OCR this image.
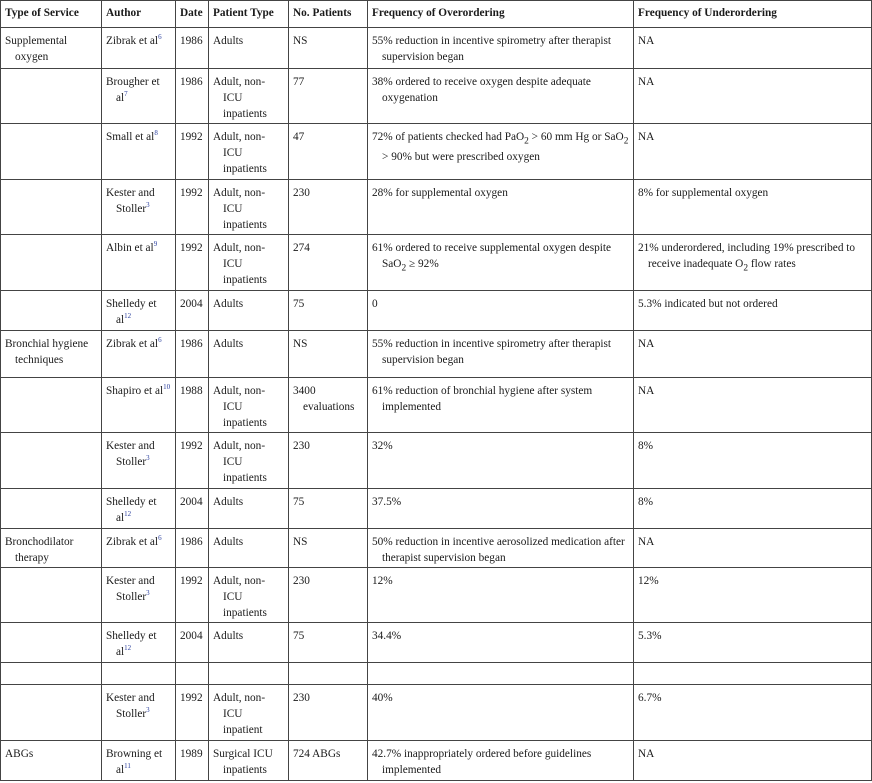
Type of Service	Author	Date	Patient Type	No. Patients	Frequency of Overordering	Frequency of Underordering

Supplemental oxygen	Zibrak et $al^6$	1986	Adults	NS	55% reduction in incentive spirometry after therapist supervision began	NA

	Brougher et $al^7$	1986	Adult, non-ICU inpatients	77	38% ordered to receive oxygen despite adequate oxygenation	NA

	Small et $al^8$	1992	Adult, non-ICU inpatients	47	72% of patients checked had PaO$_2$ > 60 mm Hg or SaO$_2$ > 90% but were prescribed oxygen	NA

	Kester and Stoller$^3$	1992	Adult, non-ICU inpatients	230	28% for supplemental oxygen	8% for supplemental oxygen

	Albin et $al^9$	1992	Adult, non-ICU inpatients	274	61% ordered to receive supplemental oxygen despite SaO$_2$ ≥ 92%	21% underordered, including 19% prescribed to receive inadequate $O_2$ flow rates

	Shelledy et $al^{12}$	2004	Adults	75	0	5.3% indicated but not ordered

Bronchial hygiene techniques	Zibrak et $al^6$	1986	Adults	NS	55% reduction in incentive spirometry after therapist supervision began	NA

	Shapiro et $al^{10}$	1988	Adult, non-ICU inpatients	3400 evaluations	61% reduction of bronchial hygiene after system implemented	NA

	Kester and Stoller$^3$	1992	Adult, non-ICU inpatients	230	32%	8%

	Shelledy et $al^{12}$	2004	Adults	75	37.5%	8%

Bronchodilator therapy	Zibrak et $al^6$	1986	Adults	NS	50% reduction in incentive aerosolized medication after therapist supervision began	NA

	Kester and Stoller$^3$	1992	Adult, non-ICU inpatients	230	12%	12%

	Shelledy et $al^{12}$	2004	Adults	75	34.4%	5.3%

	Kester and Stoller$^3$	1992	Adult, non-ICU inpatient	230	40%	6.7%

ABGs	Browning et $al^{11}$	1989	Surgical ICU inpatients	724 ABGs	42.7% inappropriately ordered before guidelines implemented	NA
